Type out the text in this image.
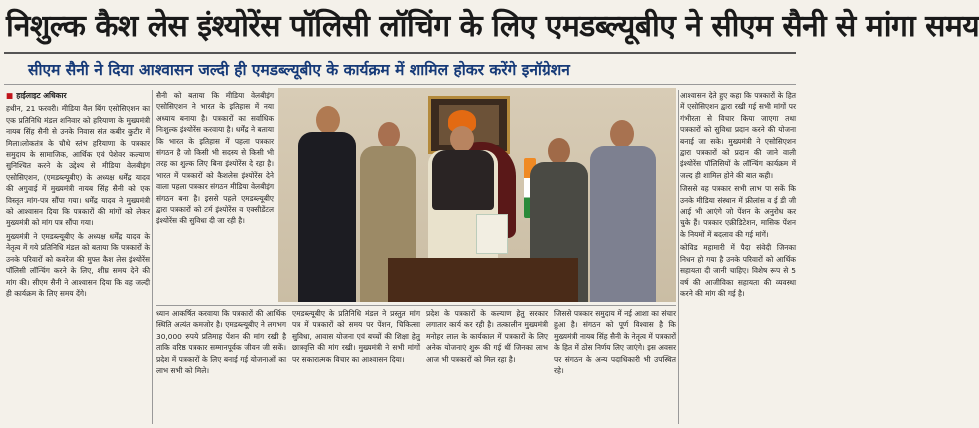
निशुल्क कैश लेस इंश्योरेंस पॉलिसी लॉचिंग के लिए एमडब्ल्यूबीए ने सीएम सैनी से मांगा समय
सीएम सैनी ने दिया आश्वासन जल्दी ही एमडब्ल्यूबीए के कार्यक्रम में शामिल होकर करेंगे इनॉग्रेशन
■ हाईलाइट अधिकार

हथीन, 21 फरवरी। मीडिया वैल बिंग एसोसिएशन का एक प्रतिनिधि मंडल शनिवार को हरियाणा के मुख्यमंत्री नायब सिंह सैनी से उनके निवास संत कबीर कुटीर में मिला।लोकतंत्र के चौथे स्तंभ हरियाणा के पत्रकार समुदाय के सामाजिक, आर्थिक एवं पेशेवर कल्याण सुनिश्चित करने के उद्देश्य से मीडिया वेलबीइंग एसोसिएशन, (एमडब्ल्यूबीए) के अध्यक्ष धर्मेंद्र यादव की अगुवाई में मुख्यमंत्री नायब सिंह सैनी को एक विस्तृत मांग-पत्र सौंपा गया। धर्मेंद्र यादव ने मुख्यमंत्री को आश्वासन दिया कि पत्रकारों की मांगों को लेकर मुख्यमंत्री को मांग पत्र सौंपा गया।

मुख्यमंत्री ने एमडब्ल्यूबीए के अध्यक्ष धर्मेंद्र यादव के नेतृत्व में गये प्रतिनिधि मंडल को बताया कि पत्रकारों के उनके परिवारों को कवरेज की मुफ्त कैश लेस इंश्योरेंस पॉलिसी लॉन्चिंग करने के लिए, शीघ्र समय देने की मांग की। सीएम सैनी ने आश्वासन दिया कि वह जल्दी ही कार्यक्रम के लिए समय देंगे।

सैनी को बताया कि मीडिया वेलबीइंग एसोसिएशन ने भारत के इतिहास में नया अध्याय बनाया है। पत्रकारों का सर्वाधिक निःशुल्क इंश्योरेंस करवाया है। धर्मेंद्र ने बताया कि भारत के इतिहास में पहला पत्रकार संगठन है जो किसी भी सदस्य से किसी भी तरह का शुल्क लिए बिना इंश्योरेंस दे रहा है। भारत में पत्रकारों को कैशलेस इंश्योरेंस देने वाला पहला पत्रकार संगठन मीडिया वेलबीइंग संगठन बना है। इससे पहले एमडब्ल्यूबीए द्वारा पत्रकारों को टर्म इंश्योरेंस व एक्सीडेंटल इंश्योरेंस की सुविधा दी जा रही है।

आश्वासन देते हुए कहा कि पत्रकारों के हित में एसोसिएशन द्वारा रखी गई सभी मांगों पर गंभीरता से विचार किया जाएगा तथा पत्रकारों को सुविधा प्रदान करने की योजना बनाई जा सके। मुख्यमंत्री ने एसोसिएशन द्वारा पत्रकारों को प्रदान की जाने वाली इंश्योरेंस पॉलिसियों के लॉन्चिंग कार्यक्रम में जल्द ही शामिल होने की बात कही।

जिससे वह पत्रकार सभी लाभ पा सकें कि उनके मीडिया संस्थान में फ्रीलांस व ई डी जी आई भी आएंगे जो पेंशन के अनुरोध कर चुके हैं। पत्रकार एक्रीडिटेशन, मासिक पेंशन के नियमों में बदलाव की गई मांगें।

कोविड महामारी में पैदा संवेदी जिनका निधन हो गया है उनके परिवारों को आर्थिक सहायता दी जानी चाहिए। विशेष रूप से 5 वर्ष की आजीविका सहायता की व्यवस्था करने की मांग की गई है।

ध्यान आकर्षित करवाया कि पत्रकारों की आर्थिक स्थिति अत्यंत कमजोर है। एमडब्ल्यूबीए ने लगभग 30,000 रुपये प्रतिमाह पेंशन की मांग रखी है ताकि वरिष्ठ पत्रकार सम्मानपूर्वक जीवन जी सकें। प्रदेश में पत्रकारों के लिए बनाई गई योजनाओं का लाभ सभी को मिले।

एमडब्ल्यूबीए के प्रतिनिधि मंडल ने प्रस्तुत मांग पत्र में पत्रकारों को समय पर पेंशन, चिकित्सा सुविधा, आवास योजना एवं बच्चों की शिक्षा हेतु छात्रवृत्ति की मांग रखी। मुख्यमंत्री ने सभी मांगों पर सकारात्मक विचार का आश्वासन दिया।

प्रदेश के पत्रकारों के कल्याण हेतु सरकार लगातार कार्य कर रही है। तत्कालीन मुख्यमंत्री मनोहर लाल के कार्यकाल में पत्रकारों के लिए अनेक योजनाएं शुरू की गई थीं जिनका लाभ आज भी पत्रकारों को मिल रहा है।

जिससे पत्रकार समुदाय में नई आशा का संचार हुआ है। संगठन को पूर्ण विश्वास है कि मुख्यमंत्री नायब सिंह सैनी के नेतृत्व में पत्रकारों के हित में ठोस निर्णय लिए जाएंगे। इस अवसर पर संगठन के अन्य पदाधिकारी भी उपस्थित रहे।
